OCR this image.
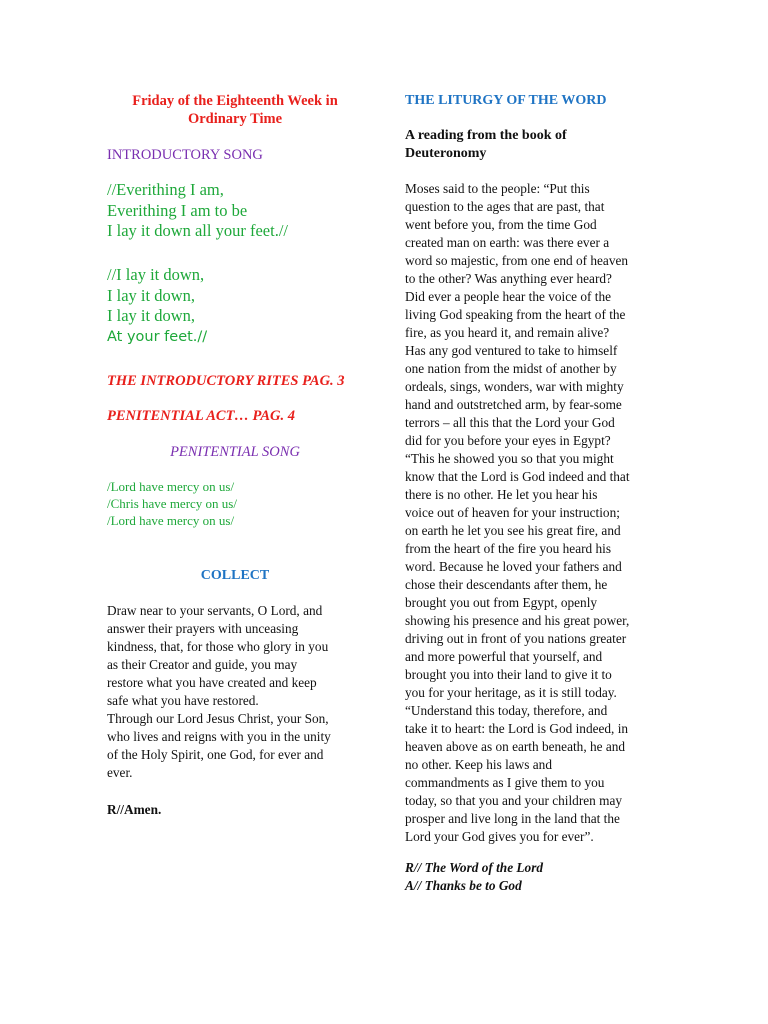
Friday of the Eighteenth Week in
Ordinary Time
INTRODUCTORY SONG
//Everithing I am,
Everithing I am to be
I lay it down all your feet.//
//I lay it down,
I lay it down,
I lay it down,
At your feet.//
THE INTRODUCTORY RITES PAG. 3
PENITENTIAL ACT… PAG. 4
PENITENTIAL SONG
/Lord have mercy on us/
/Chris have mercy on us/
/Lord have mercy on us/
COLLECT
Draw near to your servants, O Lord, and
answer their prayers with unceasing
kindness, that, for those who glory in you
as their Creator and guide, you may
restore what you have created and keep
safe what you have restored.
Through our Lord Jesus Christ, your Son,
who lives and reigns with you in the unity
of the Holy Spirit, one God, for ever and
ever.
R//Amen.
THE LITURGY OF THE WORD
A reading from the book of
Deuteronomy
Moses said to the people: “Put this
question to the ages that are past, that
went before you, from the time God
created man on earth: was there ever a
word so majestic, from one end of heaven
to the other? Was anything ever heard?
Did ever a people hear the voice of the
living God speaking from the heart of the
fire, as you heard it, and remain alive?
Has any god ventured to take to himself
one nation from the midst of another by
ordeals, sings, wonders, war with mighty
hand and outstretched arm, by fear-some
terrors – all this that the Lord your God
did for you before your eyes in Egypt?
“This he showed you so that you might
know that the Lord is God indeed and that
there is no other. He let you hear his
voice out of heaven for your instruction;
on earth he let you see his great fire, and
from the heart of the fire you heard his
word. Because he loved your fathers and
chose their descendants after them, he
brought you out from Egypt, openly
showing his presence and his great power,
driving out in front of you nations greater
and more powerful that yourself, and
brought you into their land to give it to
you for your heritage, as it is still today.
“Understand this today, therefore, and
take it to heart: the Lord is God indeed, in
heaven above as on earth beneath, he and
no other. Keep his laws and
commandments as I give them to you
today, so that you and your children may
prosper and live long in the land that the
Lord your God gives you for ever”.
R// The Word of the Lord
A// Thanks be to God
